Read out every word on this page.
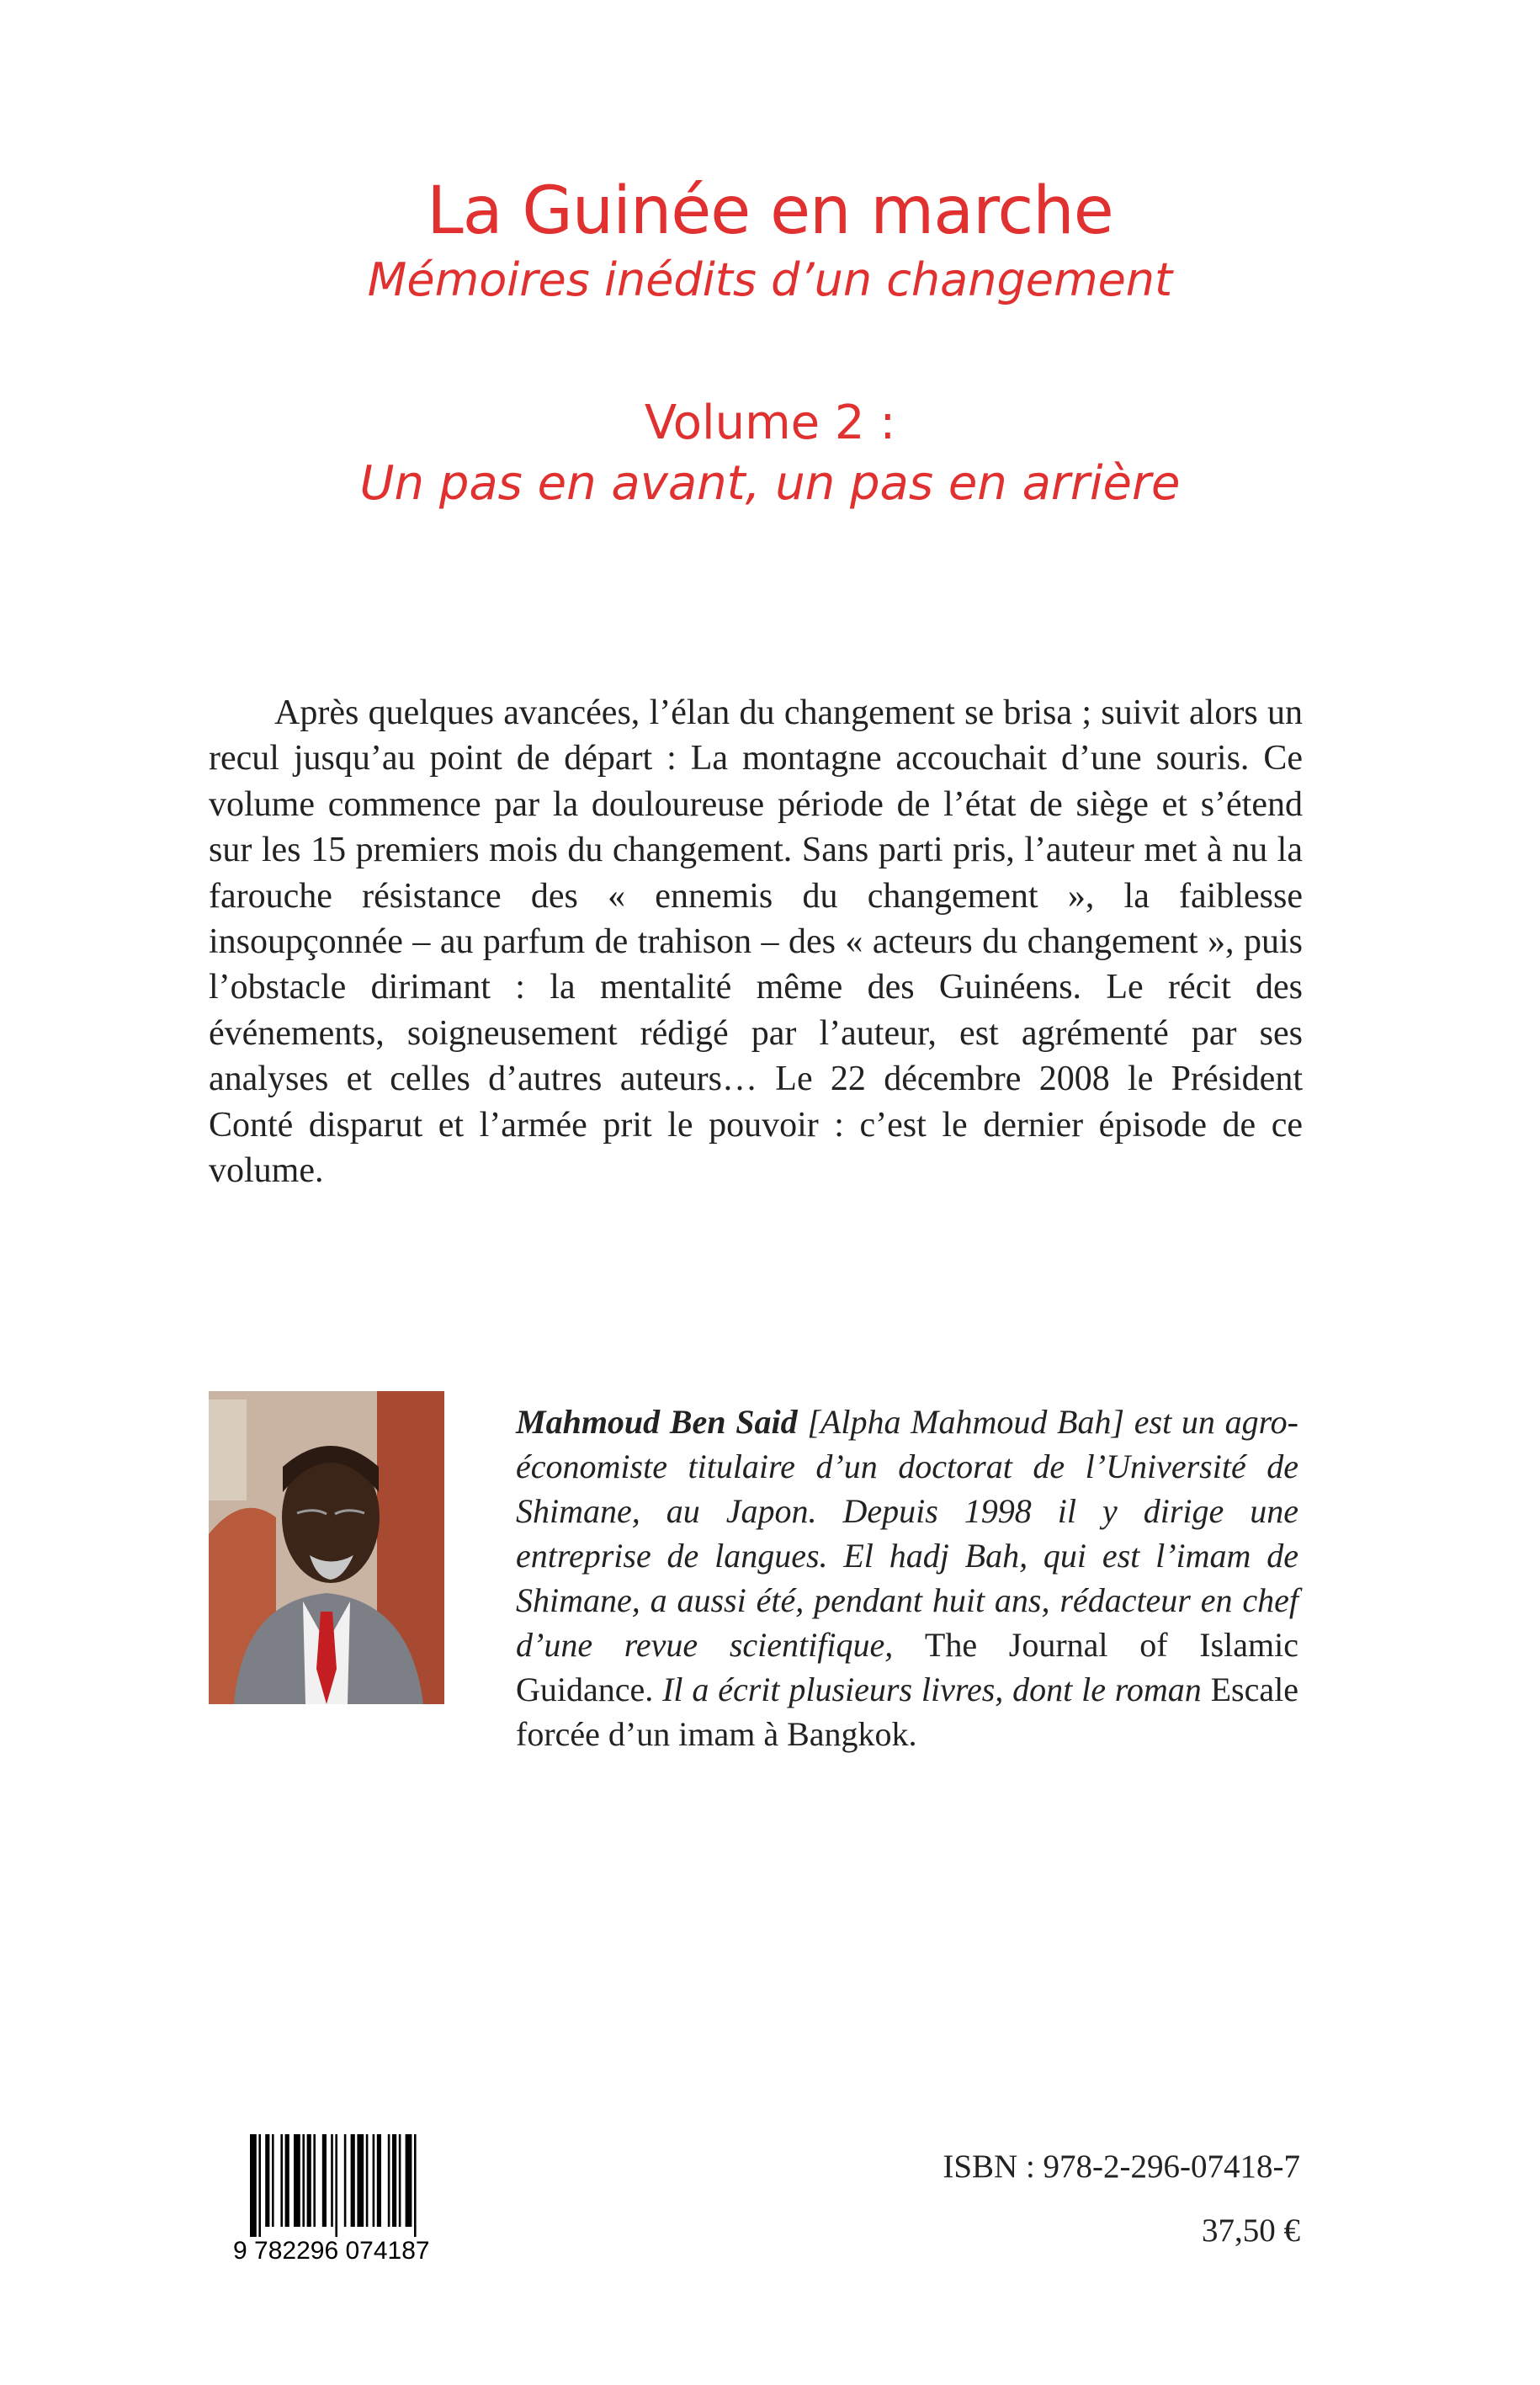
La Guinée en marche
Mémoires inédits d’un changement
Volume 2 :
Un pas en avant, un pas en arrière

Après quelques avancées, l’élan du changement se brisa ; suivit alors un recul jusqu’au point de départ : La montagne accouchait d’une souris. Ce volume commence par la douloureuse période de l’état de siège et s’étend sur les 15 premiers mois du changement. Sans parti pris, l’auteur met à nu la farouche résistance des « ennemis du changement », la faiblesse insoupçonnée – au parfum de trahison – des « acteurs du changement », puis l’obstacle dirimant : la mentalité même des Guinéens. Le récit des événements, soigneusement rédigé par l’auteur, est agrémenté par ses analyses et celles d’autres auteurs… Le 22 décembre 2008 le Président Conté disparut et l’armée prit le pouvoir : c’est le dernier épisode de ce volume.

Mahmoud Ben Said [Alpha Mahmoud Bah] est un agro-économiste titulaire d’un doctorat de l’Université de Shimane, au Japon. Depuis 1998 il y dirige une entreprise de langues. El hadj Bah, qui est l’imam de Shimane, a aussi été, pendant huit ans, rédacteur en chef d’une revue scientifique, The Journal of Islamic Guidance. Il a écrit plusieurs livres, dont le roman Escale forcée d’un imam à Bangkok.

9 782296 074187
ISBN : 978-2-296-07418-7
37,50 €
